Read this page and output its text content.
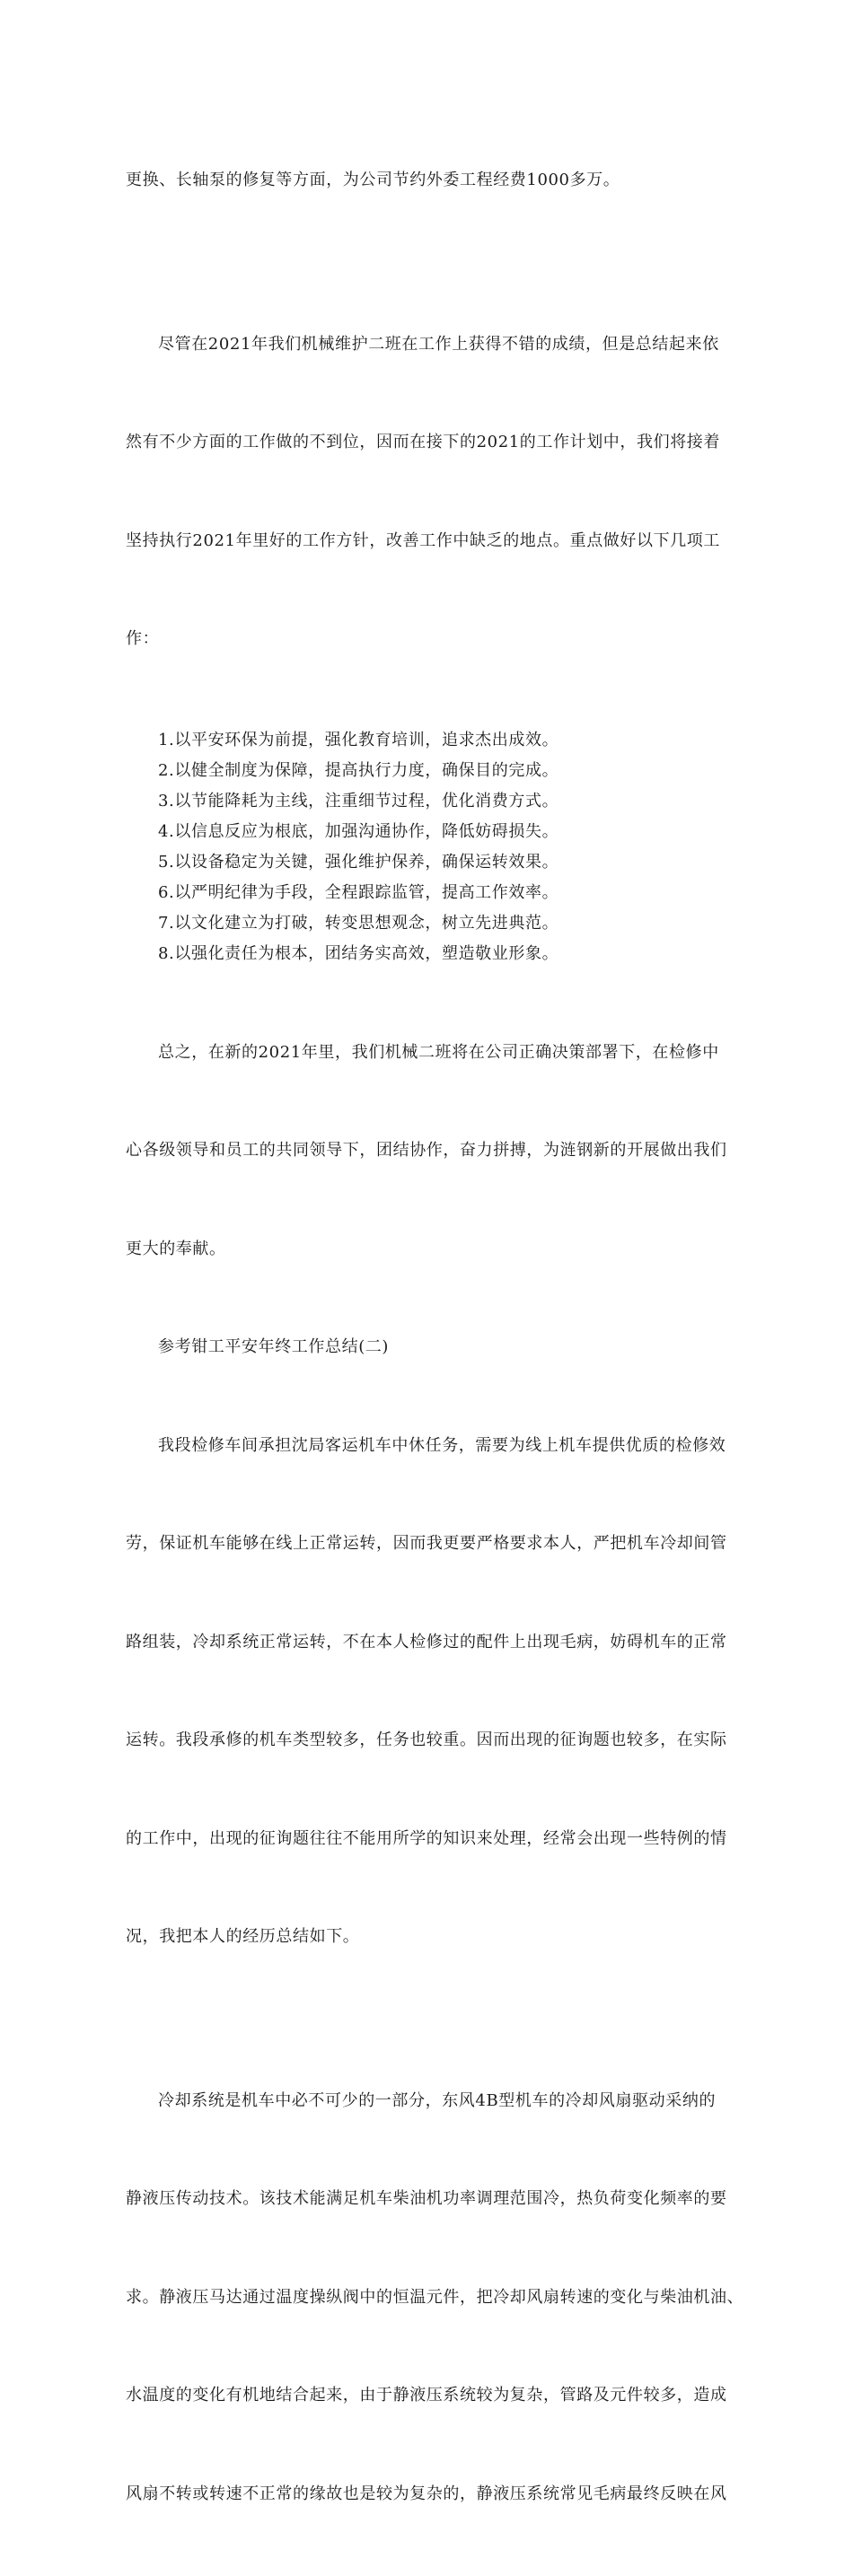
更换、长轴泵的修复等方面，为公司节约外委工程经费1000多万。

尽管在2021年我们机械维护二班在工作上获得不错的成绩，但是总结起来依

然有不少方面的工作做的不到位，因而在接下的2021的工作计划中，我们将接着

坚持执行2021年里好的工作方针，改善工作中缺乏的地点。重点做好以下几项工

作：

1.以平安环保为前提，强化教育培训，追求杰出成效。

2.以健全制度为保障，提高执行力度，确保目的完成。

3.以节能降耗为主线，注重细节过程，优化消费方式。

4.以信息反应为根底，加强沟通协作，降低妨碍损失。

5.以设备稳定为关键，强化维护保养，确保运转效果。

6.以严明纪律为手段，全程跟踪监管，提高工作效率。

7.以文化建立为打破，转变思想观念，树立先进典范。

8.以强化责任为根本，团结务实高效，塑造敬业形象。

总之，在新的2021年里，我们机械二班将在公司正确决策部署下，在检修中

心各级领导和员工的共同领导下，团结协作，奋力拼搏，为涟钢新的开展做出我们

更大的奉献。

参考钳工平安年终工作总结(二)

我段检修车间承担沈局客运机车中休任务，需要为线上机车提供优质的检修效

劳，保证机车能够在线上正常运转，因而我更要严格要求本人，严把机车冷却间管

路组装，冷却系统正常运转，不在本人检修过的配件上出现毛病，妨碍机车的正常

运转。我段承修的机车类型较多，任务也较重。因而出现的征询题也较多，在实际

的工作中，出现的征询题往往不能用所学的知识来处理，经常会出现一些特例的情

况，我把本人的经历总结如下。

冷却系统是机车中必不可少的一部分，东风4B型机车的冷却风扇驱动采纳的

静液压传动技术。该技术能满足机车柴油机功率调理范围冷，热负荷变化频率的要

求。静液压马达通过温度操纵阀中的恒温元件，把冷却风扇转速的变化与柴油机油、

水温度的变化有机地结合起来，由于静液压系统较为复杂，管路及元件较多，造成

风扇不转或转速不正常的缘故也是较为复杂的，静液压系统常见毛病最终反映在风
